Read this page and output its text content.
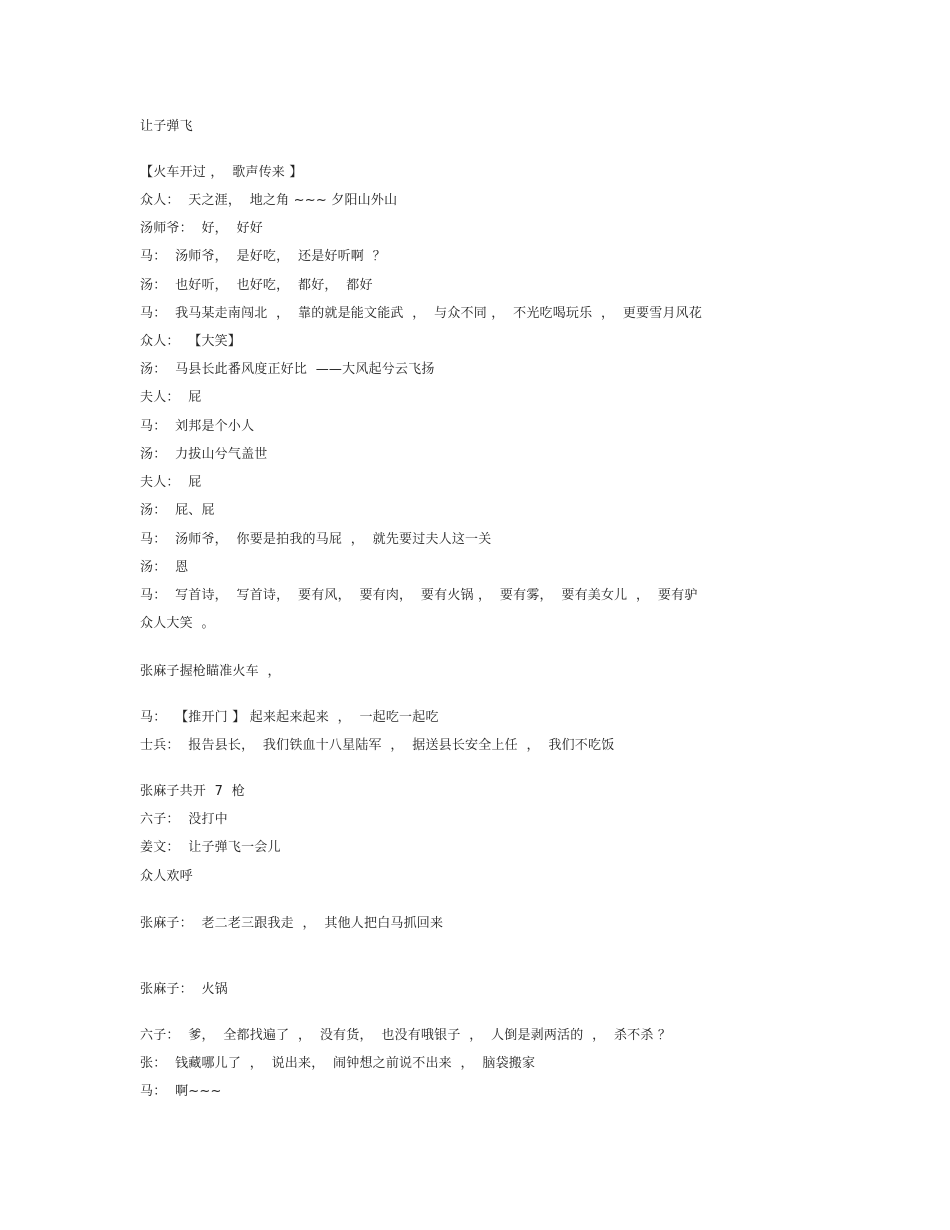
让子弹飞
【火车开过 ，  歌声传来 】
众人：  天之涯，  地之角 ~~~ 夕阳山外山
汤师爷：  好，  好好
马：  汤师爷，  是好吃，  还是好听啊  ？
汤：  也好听，  也好吃，  都好，  都好
马：  我马某走南闯北  ，  靠的就是能文能武  ，  与众不同 ，  不光吃喝玩乐  ，  更要雪月风花
众人：  【大笑】
汤：  马县长此番风度正好比  ——大风起兮云飞扬
夫人：  屁
马：  刘邦是个小人
汤：  力拔山兮气盖世
夫人：  屁
汤：  屁、屁
马：  汤师爷，  你要是拍我的马屁  ，  就先要过夫人这一关
汤：  恩
马：  写首诗，  写首诗，  要有风，  要有肉，  要有火锅 ，  要有雾，  要有美女儿  ，  要有驴
众人大笑  。
张麻子握枪瞄准火车  ，
马：  【推开门 】 起来起来起来  ，  一起吃一起吃
士兵：  报告县长，  我们铁血十八星陆军  ，  据送县长安全上任  ，  我们不吃饭
张麻子共开  7  枪
六子：  没打中
姜文：  让子弹飞一会儿
众人欢呼
张麻子：  老二老三跟我走  ，  其他人把白马抓回来
张麻子：  火锅
六子：  爹，  全都找遍了  ，  没有货，  也没有哦银子  ，  人倒是剥两活的  ，  杀不杀 ？
张：  钱藏哪儿了  ，  说出来，  闹钟想之前说不出来  ，  脑袋搬家
马：  啊~~~
